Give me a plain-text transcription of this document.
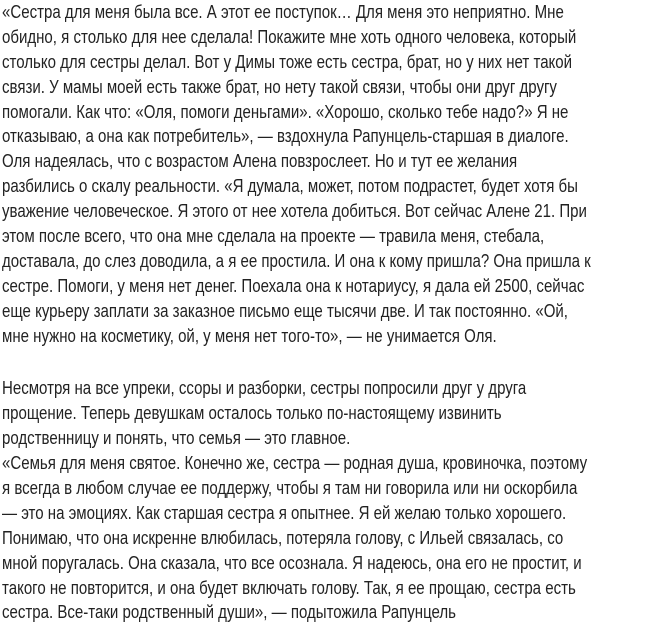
«Сестра для меня была все. А этот ее поступок… Для меня это неприятно. Мне
обидно, я столько для нее сделала! Покажите мне хоть одного человека, который
столько для сестры делал. Вот у Димы тоже есть сестра, брат, но у них нет такой
связи. У мамы моей есть также брат, но нету такой связи, чтобы они друг другу
помогали. Как что: «Оля, помоги деньгами». «Хорошо, сколько тебе надо?» Я не
отказываю, а она как потребитель», — вздохнула Рапунцель-старшая в диалоге.
Оля надеялась, что с возрастом Алена повзрослеет. Но и тут ее желания
разбились о скалу реальности. «Я думала, может, потом подрастет, будет хотя бы
уважение человеческое. Я этого от нее хотела добиться. Вот сейчас Алене 21. При
этом после всего, что она мне сделала на проекте — травила меня, стебала,
доставала, до слез доводила, а я ее простила. И она к кому пришла? Она пришла к
сестре. Помоги, у меня нет денег. Поехала она к нотариусу, я дала ей 2500, сейчас
еще курьеру заплати за заказное письмо еще тысячи две. И так постоянно. «Ой,
мне нужно на косметику, ой, у меня нет того-то», — не унимается Оля.
Несмотря на все упреки, ссоры и разборки, сестры попросили друг у друга
прощение. Теперь девушкам осталось только по-настоящему извинить
родственницу и понять, что семья — это главное.
«Семья для меня святое. Конечно же, сестра — родная душа, кровиночка, поэтому
я всегда в любом случае ее поддержу, чтобы я там ни говорила или ни оскорбила
— это на эмоциях. Как старшая сестра я опытнее. Я ей желаю только хорошего.
Понимаю, что она искренне влюбилась, потеряла голову, с Ильей связалась, со
мной поругалась. Она сказала, что все осознала. Я надеюсь, она его не простит, и
такого не повторится, и она будет включать голову. Так, я ее прощаю, сестра есть
сестра. Все-таки родственный души», — подытожила Рапунцель
